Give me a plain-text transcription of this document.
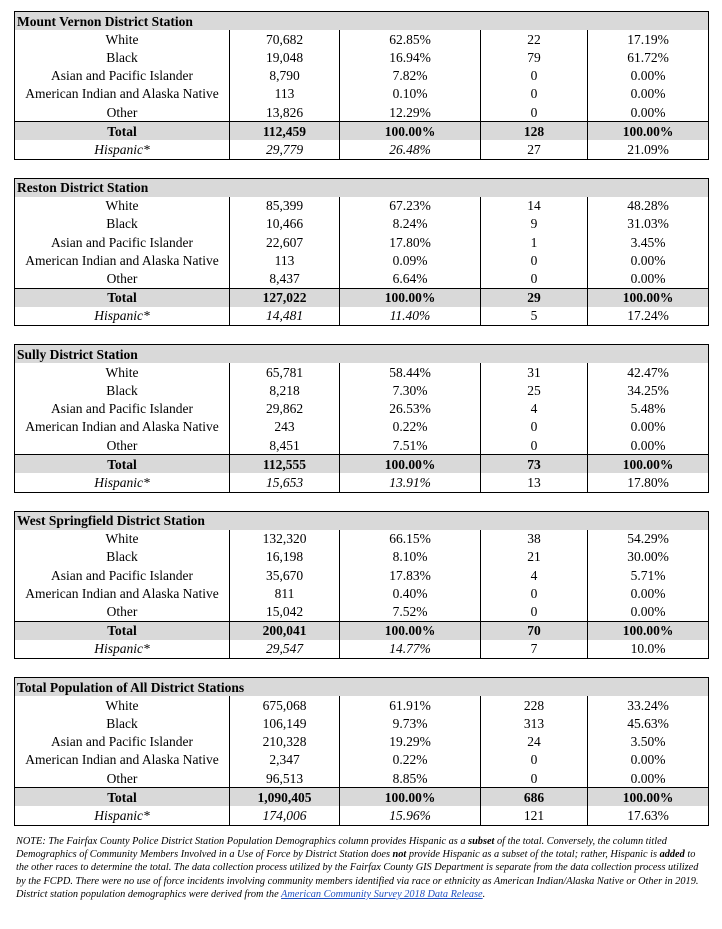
Mount Vernon District Station				
White	70,682	62.85%	22	17.19%
Black	19,048	16.94%	79	61.72%
Asian and Pacific Islander	8,790	7.82%	0	0.00%
American Indian and Alaska Native	113	0.10%	0	0.00%
Other	13,826	12.29%	0	0.00%
Total	112,459	100.00%	128	100.00%
Hispanic*	29,779	26.48%	27	21.09%

Reston District Station				
White	85,399	67.23%	14	48.28%
Black	10,466	8.24%	9	31.03%
Asian and Pacific Islander	22,607	17.80%	1	3.45%
American Indian and Alaska Native	113	0.09%	0	0.00%
Other	8,437	6.64%	0	0.00%
Total	127,022	100.00%	29	100.00%
Hispanic*	14,481	11.40%	5	17.24%

Sully District Station				
White	65,781	58.44%	31	42.47%
Black	8,218	7.30%	25	34.25%
Asian and Pacific Islander	29,862	26.53%	4	5.48%
American Indian and Alaska Native	243	0.22%	0	0.00%
Other	8,451	7.51%	0	0.00%
Total	112,555	100.00%	73	100.00%
Hispanic*	15,653	13.91%	13	17.80%

West Springfield District Station				
White	132,320	66.15%	38	54.29%
Black	16,198	8.10%	21	30.00%
Asian and Pacific Islander	35,670	17.83%	4	5.71%
American Indian and Alaska Native	811	0.40%	0	0.00%
Other	15,042	7.52%	0	0.00%
Total	200,041	100.00%	70	100.00%
Hispanic*	29,547	14.77%	7	10.0%

Total Population of All District Stations				
White	675,068	61.91%	228	33.24%
Black	106,149	9.73%	313	45.63%
Asian and Pacific Islander	210,328	19.29%	24	3.50%
American Indian and Alaska Native	2,347	0.22%	0	0.00%
Other	96,513	8.85%	0	0.00%
Total	1,090,405	100.00%	686	100.00%
Hispanic*	174,006	15.96%	121	17.63%
NOTE: The Fairfax County Police District Station Population Demographics column provides Hispanic as a subset of the total. Conversely, the column titled Demographics of Community Members Involved in a Use of Force by District Station does not provide Hispanic as a subset of the total; rather, Hispanic is added to the other races to determine the total. The data collection process utilized by the Fairfax County GIS Department is separate from the data collection process utilized by the FCPD. There were no use of force incidents involving community members identified via race or ethnicity as American Indian/Alaska Native or Other in 2019. District station population demographics were derived from the American Community Survey 2018 Data Release.
